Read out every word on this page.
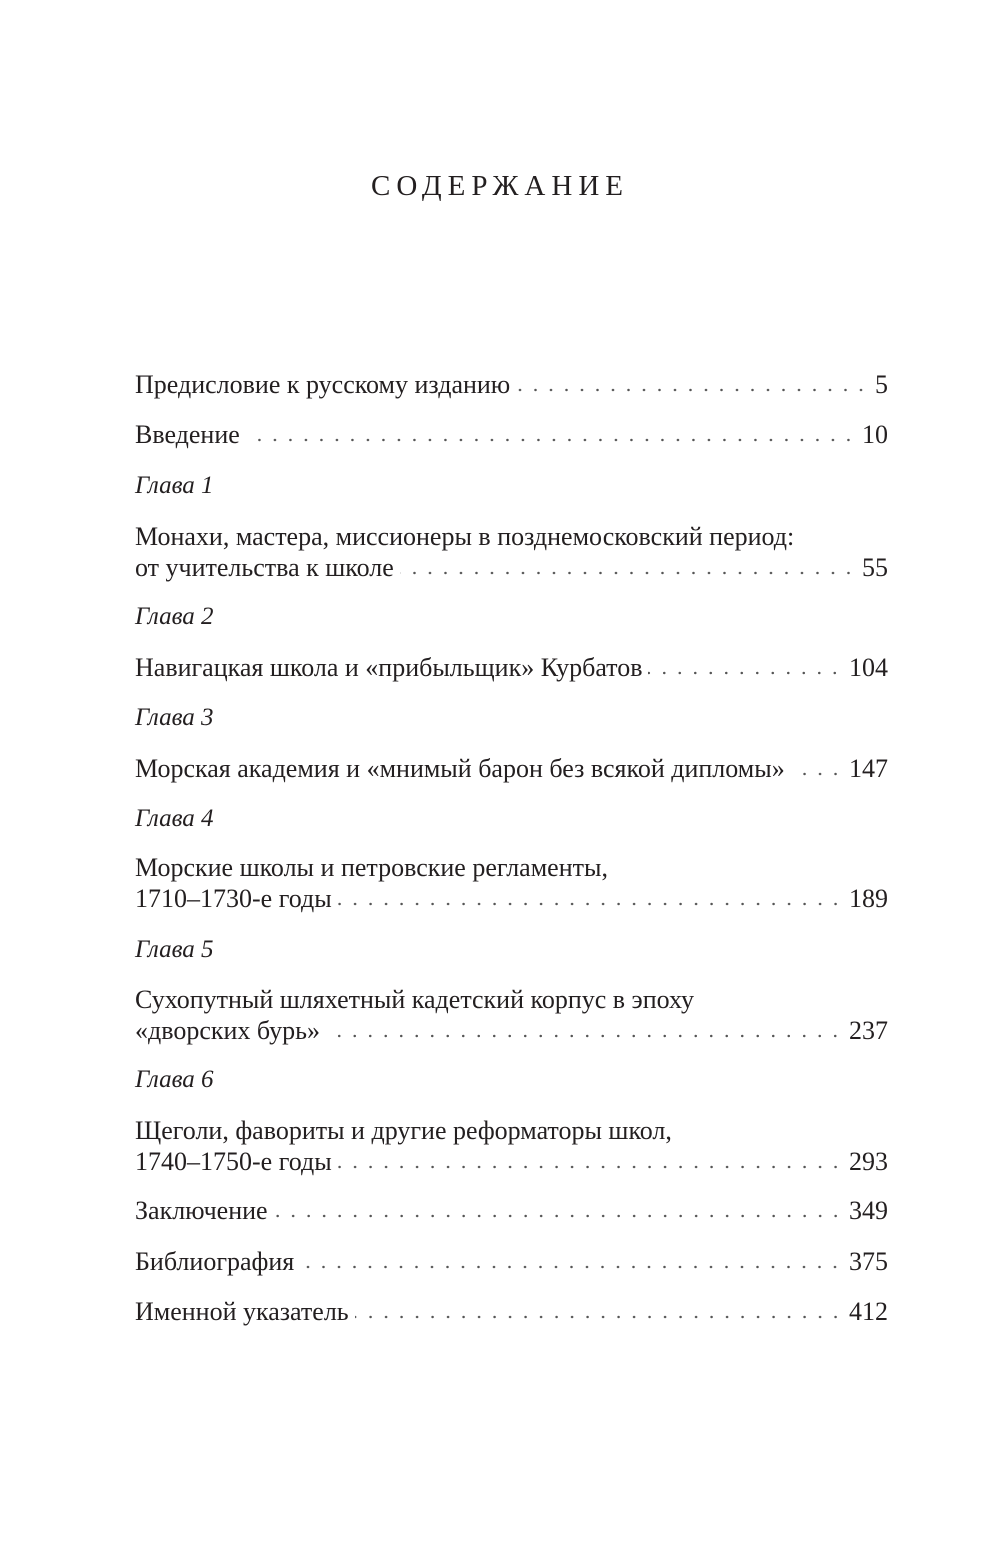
СОДЕРЖАНИЕ
Предисловие к русскому изданию	5
Введение	10
Глава 1
Монахи, мастера, миссионеры в позднемосковский период:
от учительства к школе	55
Глава 2
Навигацкая школа и «прибыльщик» Курбатов	104
Глава 3
Морская академия и «мнимый барон без всякой дипломы» 147
Глава 4
Морские школы и петровские регламенты,
1710–1730-е годы	189
Глава 5
Сухопутный шляхетный кадетский корпус в эпоху
«дворских бурь»	237
Глава 6
Щеголи, фавориты и другие реформаторы школ,
1740–1750-е годы	293
Заключение	349
Библиография	375
Именной указатель	412
